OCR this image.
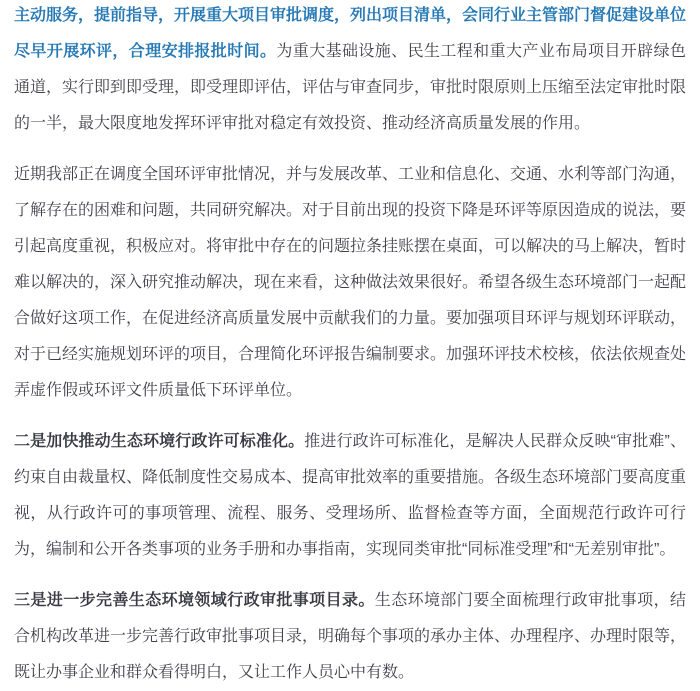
主动服务，提前指导，开展重大项目审批调度，列出项目清单，会同行业主管部门督促建设单位尽早开展环评，合理安排报批时间。为重大基础设施、民生工程和重大产业布局项目开辟绿色通道，实行即到即受理，即受理即评估，评估与审查同步，审批时限原则上压缩至法定审批时限的一半，最大限度地发挥环评审批对稳定有效投资、推动经济高质量发展的作用。

近期我部正在调度全国环评审批情况，并与发展改革、工业和信息化、交通、水利等部门沟通，了解存在的困难和问题，共同研究解决。对于目前出现的投资下降是环评等原因造成的说法，要引起高度重视，积极应对。将审批中存在的问题拉条挂账摆在桌面，可以解决的马上解决，暂时难以解决的，深入研究推动解决，现在来看，这种做法效果很好。希望各级生态环境部门一起配合做好这项工作，在促进经济高质量发展中贡献我们的力量。要加强项目环评与规划环评联动，对于已经实施规划环评的项目，合理简化环评报告编制要求。加强环评技术校核，依法依规查处弄虚作假或环评文件质量低下环评单位。

二是加快推动生态环境行政许可标准化。推进行政许可标准化，是解决人民群众反映“审批难”、约束自由裁量权、降低制度性交易成本、提高审批效率的重要措施。各级生态环境部门要高度重视，从行政许可的事项管理、流程、服务、受理场所、监督检查等方面，全面规范行政许可行为，编制和公开各类事项的业务手册和办事指南，实现同类审批“同标准受理”和“无差别审批”。

三是进一步完善生态环境领域行政审批事项目录。生态环境部门要全面梳理行政审批事项，结合机构改革进一步完善行政审批事项目录，明确每个事项的承办主体、办理程序、办理时限等，既让办事企业和群众看得明白，又让工作人员心中有数。
